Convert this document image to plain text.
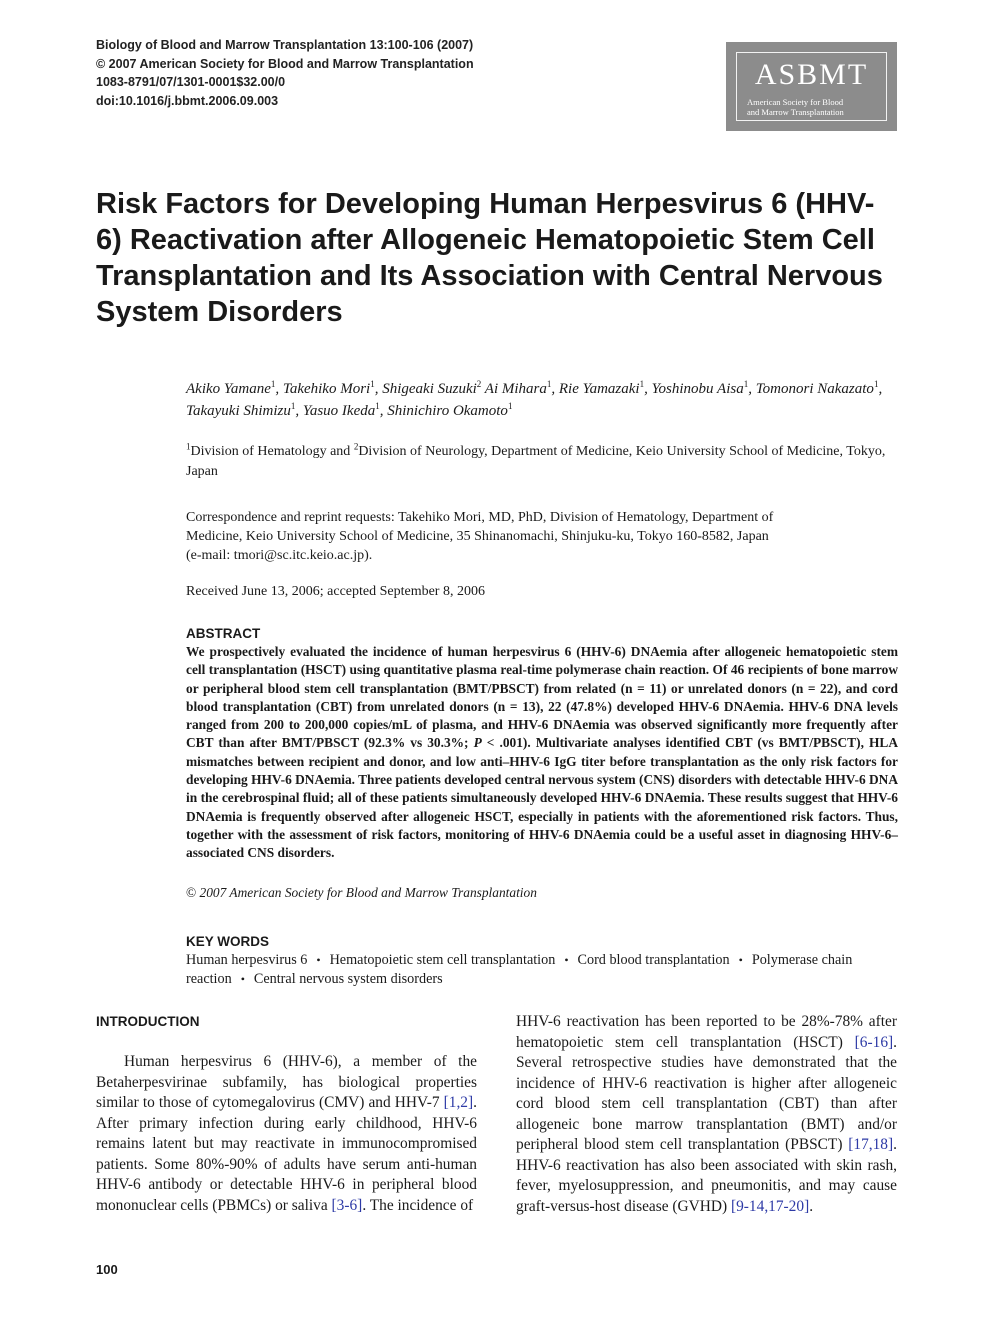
Biology of Blood and Marrow Transplantation 13:100-106 (2007)
© 2007 American Society for Blood and Marrow Transplantation
1083-8791/07/1301-0001$32.00/0
doi:10.1016/j.bbmt.2006.09.003
ASBMT
American Society for Blood
and Marrow Transplantation
Risk Factors for Developing Human Herpesvirus 6 (HHV-6) Reactivation after Allogeneic Hematopoietic Stem Cell Transplantation and Its Association with Central Nervous System Disorders
Akiko Yamane$^1$, Takehiko Mori$^1$, Shigeaki Suzuki$^2$ Ai Mihara$^1$, Rie Yamazaki$^1$, Yoshinobu Aisa$^1$, Tomonori Nakazato$^1$, Takayuki Shimizu$^1$, Yasuo Ikeda$^1$, Shinichiro Okamoto$^1$
$^1$Division of Hematology and $^2$Division of Neurology, Department of Medicine, Keio University School of Medicine, Tokyo, Japan
Correspondence and reprint requests: Takehiko Mori, MD, PhD, Division of Hematology, Department of
Medicine, Keio University School of Medicine, 35 Shinanomachi, Shinjuku-ku, Tokyo 160-8582, Japan
(e-mail: tmori@sc.itc.keio.ac.jp).
Received June 13, 2006; accepted September 8, 2006
ABSTRACT

We prospectively evaluated the incidence of human herpesvirus 6 (HHV-6) DNAemia after allogeneic hematopoietic stem cell transplantation (HSCT) using quantitative plasma real-time polymerase chain reaction. Of 46 recipients of bone marrow or peripheral blood stem cell transplantation (BMT/PBSCT) from related (n = 11) or unrelated donors (n = 22), and cord blood transplantation (CBT) from unrelated donors (n = 13), 22 (47.8%) developed HHV-6 DNAemia. HHV-6 DNA levels ranged from 200 to 200,000 copies/mL of plasma, and HHV-6 DNAemia was observed significantly more frequently after CBT than after BMT/PBSCT (92.3% vs 30.3%; P < .001). Multivariate analyses identified CBT (vs BMT/PBSCT), HLA mismatches between recipient and donor, and low anti–HHV-6 IgG titer before transplantation as the only risk factors for developing HHV-6 DNAemia. Three patients developed central nervous system (CNS) disorders with detectable HHV-6 DNA in the cerebrospinal fluid; all of these patients simultaneously developed HHV-6 DNAemia. These results suggest that HHV-6 DNAemia is frequently observed after allogeneic HSCT, especially in patients with the aforementioned risk factors. Thus, together with the assessment of risk factors, monitoring of HHV-6 DNAemia could be a useful asset in diagnosing HHV-6–associated CNS disorders.

© 2007 American Society for Blood and Marrow Transplantation
KEY WORDS
Human herpesvirus 6 • Hematopoietic stem cell transplantation • Cord blood transplantation • Polymerase chain reaction • Central nervous system disorders
INTRODUCTION

Human herpesvirus 6 (HHV-6), a member of the Betaherpesvirinae subfamily, has biological properties similar to those of cytomegalovirus (CMV) and HHV-7 [1,2]. After primary infection during early childhood, HHV-6 remains latent but may reactivate in immunocompromised patients. Some 80%-90% of adults have serum anti-human HHV-6 antibody or detectable HHV-6 in peripheral blood mononuclear cells (PBMCs) or saliva [3-6]. The incidence of

HHV-6 reactivation has been reported to be 28%-78% after hematopoietic stem cell transplantation (HSCT) [6-16]. Several retrospective studies have demonstrated that the incidence of HHV-6 reactivation is higher after allogeneic cord blood stem cell transplantation (CBT) than after allogeneic bone marrow transplantation (BMT) and/or peripheral blood stem cell transplantation (PBSCT) [17,18]. HHV-6 reactivation has also been associated with skin rash, fever, myelosuppression, and pneumonitis, and may cause graft-versus-host disease (GVHD) [9-14,17-20].

100
